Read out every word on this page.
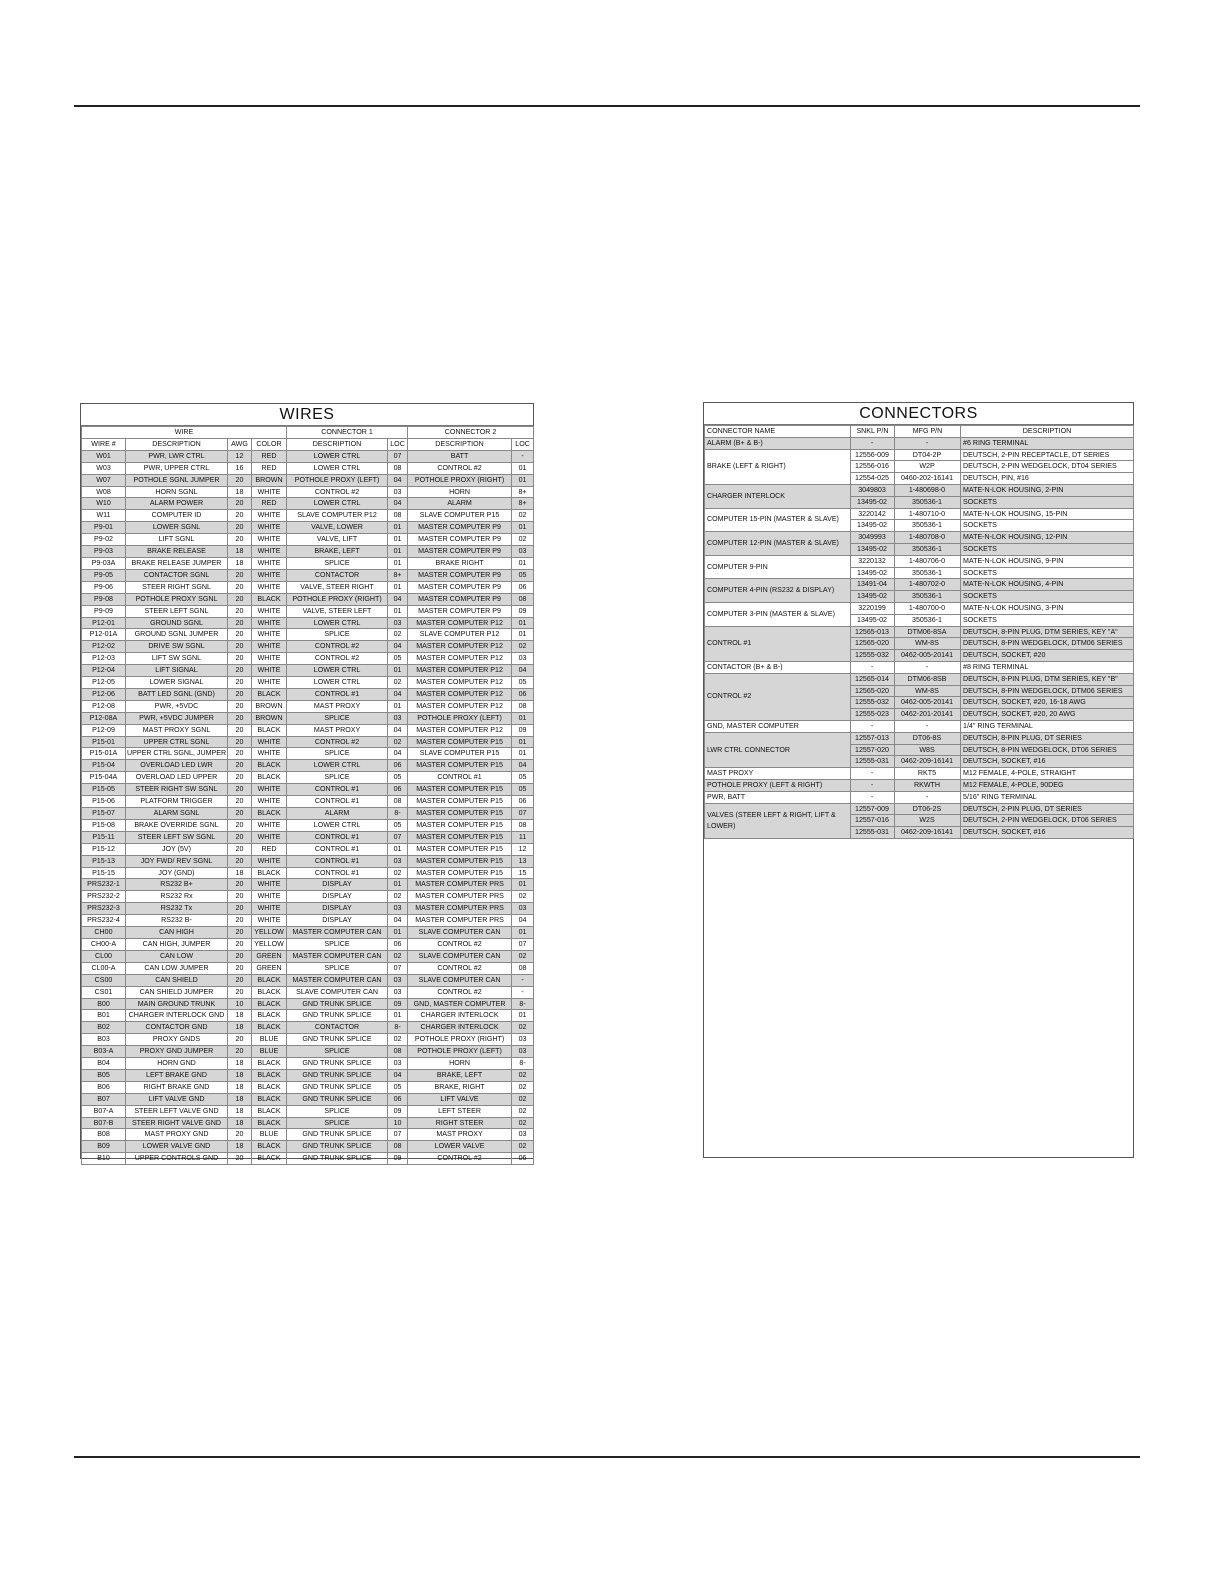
WIRES
WIRE				CONNECTOR 1		CONNECTOR 2	
WIRE #	DESCRIPTION	AWG	COLOR	DESCRIPTION	LOC	DESCRIPTION	LOC
W01	PWR, LWR CTRL	12	RED	LOWER CTRL	07	BATT	-
W03	PWR, UPPER CTRL	16	RED	LOWER CTRL	08	CONTROL #2	01
W07	POTHOLE SGNL JUMPER	20	BROWN	POTHOLE PROXY (LEFT)	04	POTHOLE PROXY (RIGHT)	01
W08	HORN SGNL	18	WHITE	CONTROL #2	03	HORN	8+
W10	ALARM POWER	20	RED	LOWER CTRL	04	ALARM	8+
W11	COMPUTER ID	20	WHITE	SLAVE COMPUTER P12	08	SLAVE COMPUTER P15	02
P9-01	LOWER SGNL	20	WHITE	VALVE, LOWER	01	MASTER COMPUTER P9	01
P9-02	LIFT SGNL	20	WHITE	VALVE, LIFT	01	MASTER COMPUTER P9	02
P9-03	BRAKE RELEASE	18	WHITE	BRAKE, LEFT	01	MASTER COMPUTER P9	03
P9-03A	BRAKE RELEASE JUMPER	18	WHITE	SPLICE	01	BRAKE RIGHT	01
P9-05	CONTACTOR SGNL	20	WHITE	CONTACTOR	8+	MASTER COMPUTER P9	05
P9-06	STEER RIGHT SGNL	20	WHITE	VALVE, STEER RIGHT	01	MASTER COMPUTER P9	06
P9-08	POTHOLE PROXY SGNL	20	BLACK	POTHOLE PROXY (RIGHT)	04	MASTER COMPUTER P9	08
P9-09	STEER LEFT SGNL	20	WHITE	VALVE, STEER LEFT	01	MASTER COMPUTER P9	09
P12-01	GROUND SGNL	20	WHITE	LOWER CTRL	03	MASTER COMPUTER P12	01
P12-01A	GROUND SGNL JUMPER	20	WHITE	SPLICE	02	SLAVE COMPUTER P12	01
P12-02	DRIVE SW SGNL	20	WHITE	CONTROL #2	04	MASTER COMPUTER P12	02
P12-03	LIFT SW SGNL	20	WHITE	CONTROL #2	05	MASTER COMPUTER P12	03
P12-04	LIFT SIGNAL	20	WHITE	LOWER CTRL	01	MASTER COMPUTER P12	04
P12-05	LOWER SIGNAL	20	WHITE	LOWER CTRL	02	MASTER COMPUTER P12	05
P12-06	BATT LED SGNL (GND)	20	BLACK	CONTROL #1	04	MASTER COMPUTER P12	06
P12-08	PWR, +5VDC	20	BROWN	MAST PROXY	01	MASTER COMPUTER P12	08
P12-08A	PWR, +5VDC JUMPER	20	BROWN	SPLICE	03	POTHOLE PROXY (LEFT)	01
P12-09	MAST PROXY SGNL	20	BLACK	MAST PROXY	04	MASTER COMPUTER P12	09
P15-01	UPPER CTRL SGNL	20	WHITE	CONTROL #2	02	MASTER COMPUTER P15	01
P15-01A	UPPER CTRL SGNL, JUMPER	20	WHITE	SPLICE	04	SLAVE COMPUTER P15	01
P15-04	OVERLOAD LED LWR	20	BLACK	LOWER CTRL	06	MASTER COMPUTER P15	04
P15-04A	OVERLOAD LED UPPER	20	BLACK	SPLICE	05	CONTROL #1	05
P15-05	STEER RIGHT SW SGNL	20	WHITE	CONTROL #1	06	MASTER COMPUTER P15	05
P15-06	PLATFORM TRIGGER	20	WHITE	CONTROL #1	08	MASTER COMPUTER P15	06
P15-07	ALARM SGNL	20	BLACK	ALARM	8-	MASTER COMPUTER P15	07
P15-08	BRAKE OVERRIDE SGNL	20	WHITE	LOWER CTRL	05	MASTER COMPUTER P15	08
P15-11	STEER LEFT SW SGNL	20	WHITE	CONTROL #1	07	MASTER COMPUTER P15	11
P15-12	JOY (5V)	20	RED	CONTROL #1	01	MASTER COMPUTER P15	12
P15-13	JOY FWD/ REV SGNL	20	WHITE	CONTROL #1	03	MASTER COMPUTER P15	13
P15-15	JOY (GND)	18	BLACK	CONTROL #1	02	MASTER COMPUTER P15	15
PRS232-1	RS232 B+	20	WHITE	DISPLAY	01	MASTER COMPUTER PRS	01
PRS232-2	RS232 Rx	20	WHITE	DISPLAY	02	MASTER COMPUTER PRS	02
PRS232-3	RS232 Tx	20	WHITE	DISPLAY	03	MASTER COMPUTER PRS	03
PRS232-4	RS232 B-	20	WHITE	DISPLAY	04	MASTER COMPUTER PRS	04
CH00	CAN HIGH	20	YELLOW	MASTER COMPUTER CAN	01	SLAVE COMPUTER CAN	01
CH00-A	CAN HIGH, JUMPER	20	YELLOW	SPLICE	06	CONTROL #2	07
CL00	CAN LOW	20	GREEN	MASTER COMPUTER CAN	02	SLAVE COMPUTER CAN	02
CL00-A	CAN LOW JUMPER	20	GREEN	SPLICE	07	CONTROL #2	08
CS00	CAN SHIELD	20	BLACK	MASTER COMPUTER CAN	03	SLAVE COMPUTER CAN	-
CS01	CAN SHIELD JUMPER	20	BLACK	SLAVE COMPUTER CAN	03	CONTROL #2	-
B00	MAIN GROUND TRUNK	10	BLACK	GND TRUNK SPLICE	09	GND, MASTER COMPUTER	8-
B01	CHARGER INTERLOCK GND	18	BLACK	GND TRUNK SPLICE	01	CHARGER INTERLOCK	01
B02	CONTACTOR GND	18	BLACK	CONTACTOR	8-	CHARGER INTERLOCK	02
B03	PROXY GNDS	20	BLUE	GND TRUNK SPLICE	02	POTHOLE PROXY (RIGHT)	03
B03-A	PROXY GND JUMPER	20	BLUE	SPLICE	08	POTHOLE PROXY (LEFT)	03
B04	HORN GND	18	BLACK	GND TRUNK SPLICE	03	HORN	8-
B05	LEFT BRAKE GND	18	BLACK	GND TRUNK SPLICE	04	BRAKE, LEFT	02
B06	RIGHT BRAKE GND	18	BLACK	GND TRUNK SPLICE	05	BRAKE, RIGHT	02
B07	LIFT VALVE GND	18	BLACK	GND TRUNK SPLICE	06	LIFT VALVE	02
B07-A	STEER LEFT VALVE GND	18	BLACK	SPLICE	09	LEFT STEER	02
B07-B	STEER RIGHT VALVE GND	18	BLACK	SPLICE	10	RIGHT STEER	02
B08	MAST PROXY GND	20	BLUE	GND TRUNK SPLICE	07	MAST PROXY	03
B09	LOWER VALVE GND	18	BLACK	GND TRUNK SPLICE	08	LOWER VALVE	02
B10	UPPER CONTROLS GND	20	BLACK	GND TRUNK SPLICE	09	CONTROL #2	06
CONNECTORS
CONNECTOR NAME	SNKL P/N	MFG P/N	DESCRIPTION
ALARM (B+ & B-)	-	-	#6 RING TERMINAL
BRAKE (LEFT & RIGHT)	12556-009	DT04-2P	DEUTSCH, 2-PIN RECEPTACLE, DT SERIES
	12556-016	W2P	DEUTSCH, 2-PIN WEDGELOCK, DT04 SERIES
	12554-025	0460-202-16141	DEUTSCH, PIN, #16
CHARGER INTERLOCK	3049803	1-480698-0	MATE-N-LOK HOUSING, 2-PIN
	13495-02	350536-1	SOCKETS
COMPUTER 15-PIN (MASTER & SLAVE)	3220142	1-480710-0	MATE-N-LOK HOUSING, 15-PIN
	13495-02	350536-1	SOCKETS
COMPUTER 12-PIN (MASTER & SLAVE)	3049993	1-480708-0	MATE-N-LOK HOUSING, 12-PIN
	13495-02	350536-1	SOCKETS
COMPUTER 9-PIN	3220132	1-480706-0	MATE-N-LOK HOUSING, 9-PIN
	13495-02	350536-1	SOCKETS
COMPUTER 4-PIN (RS232 & DISPLAY)	13491-04	1-480702-0	MATE-N-LOK HOUSING, 4-PIN
	13495-02	350536-1	SOCKETS
COMPUTER 3-PIN (MASTER & SLAVE)	3220199	1-480700-0	MATE-N-LOK HOUSING, 3-PIN
	13495-02	350536-1	SOCKETS
CONTROL #1	12565-013	DTM06-8SA	DEUTSCH, 8-PIN PLUG, DTM SERIES, KEY "A"
	12565-020	WM-8S	DEUTSCH, 8-PIN WEDGELOCK, DTM06 SERIES
	12555-032	0462-005-20141	DEUTSCH, SOCKET, #20
CONTACTOR (B+ & B-)	-	-	#8 RING TERMINAL
CONTROL #2	12565-014	DTM06-8SB	DEUTSCH, 8-PIN PLUG, DTM SERIES, KEY "B"
	12565-020	WM-8S	DEUTSCH, 8-PIN WEDGELOCK, DTM06 SERIES
	12555-032	0462-005-20141	DEUTSCH, SOCKET, #20, 16-18 AWG
	12555-023	0462-201-20141	DEUTSCH, SOCKET, #20, 20 AWG
GND, MASTER COMPUTER	-	-	1/4" RING TERMINAL
LWR CTRL CONNECTOR	12557-013	DT06-8S	DEUTSCH, 8-PIN PLUG, DT SERIES
	12557-020	W8S	DEUTSCH, 8-PIN WEDGELOCK, DT06 SERIES
	12555-031	0462-209-16141	DEUTSCH, SOCKET, #16
MAST PROXY	-	RKT5	M12 FEMALE, 4-POLE, STRAIGHT
POTHOLE PROXY (LEFT & RIGHT)	-	RKWTH	M12 FEMALE, 4-POLE, 90DEG
PWR, BATT	-	-	5/16" RING TERMINAL
VALVES (STEER LEFT & RIGHT, LIFT & LOWER)	12557-009	DT06-2S	DEUTSCH, 2-PIN PLUG, DT SERIES
	12557-016	W2S	DEUTSCH, 2-PIN WEDGELOCK, DT06 SERIES
	12555-031	0462-209-16141	DEUTSCH, SOCKET, #16
